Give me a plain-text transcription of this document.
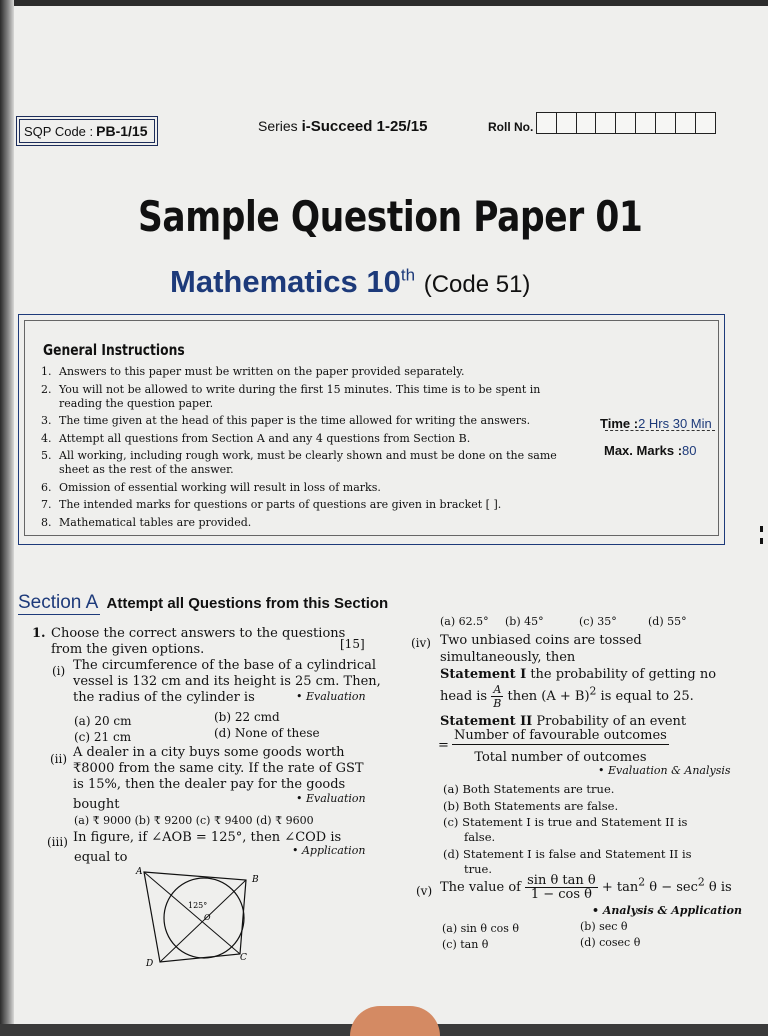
SQP Code : PB-1/15	Series i-Succeed 1-25/15	Roll No.
Sample Question Paper 01
Mathematics 10th (Code 51)
General Instructions
1. Answers to this paper must be written on the paper provided separately.
2. You will not be allowed to write during the first 15 minutes. This time is to be spent in
reading the question paper.
3. The time given at the head of this paper is the time allowed for writing the answers.
4. Attempt all questions from Section A and any 4 questions from Section B.
5. All working, including rough work, must be clearly shown and must be done on the same
sheet as the rest of the answer.
6. Omission of essential working will result in loss of marks.
7. The intended marks for questions or parts of questions are given in bracket [ ].
8. Mathematical tables are provided.
Time :2 Hrs 30 Min
Max. Marks :80
Section A Attempt all Questions from this Section
1. Choose the correct answers to the questions
from the given options.	[15]
(i) The circumference of the base of a cylindrical
vessel is 132 cm and its height is 25 cm. Then,
the radius of the cylinder is	• Evaluation
(a) 20 cm	(b) 22 cmd
(c) 21 cm	(d) None of these
(ii) A dealer in a city buys some goods worth
₹8000 from the same city. If the rate of GST
is 15%, then the dealer pay for the goods
bought	• Evaluation
(a) ₹ 9000 (b) ₹ 9200 (c) ₹ 9400 (d) ₹ 9600
(iii) In figure, if ∠AOB = 125°, then ∠COD is
equal to	• Application
A
B
C
D
O
125°
(a) 62.5° (b) 45°	(c) 35°	(d) 55°
(iv) Two unbiased coins are tossed
simultaneously, then
Statement I the probability of getting no
head is $\frac{A}{B}$ then $(A + B)^2$ is equal to 25.
Statement II Probability of an event
= $\frac{\text{Number of favourable outcomes}}{\text{Total number of outcomes}}$
• Evaluation & Analysis
(a) Both Statements are true.
(b) Both Statements are false.
(c) Statement I is true and Statement II is
false.
(d) Statement I is false and Statement II is
true.
(v) The value of $\frac{\text{sin θ tan θ}}{\text{1 − cos θ}} + \tan^2 \theta - \sec^2 \theta$ is
• Analysis & Application
(a) sin θ cos θ	(b) sec θ
(c) tan θ	(d) cosec θ
